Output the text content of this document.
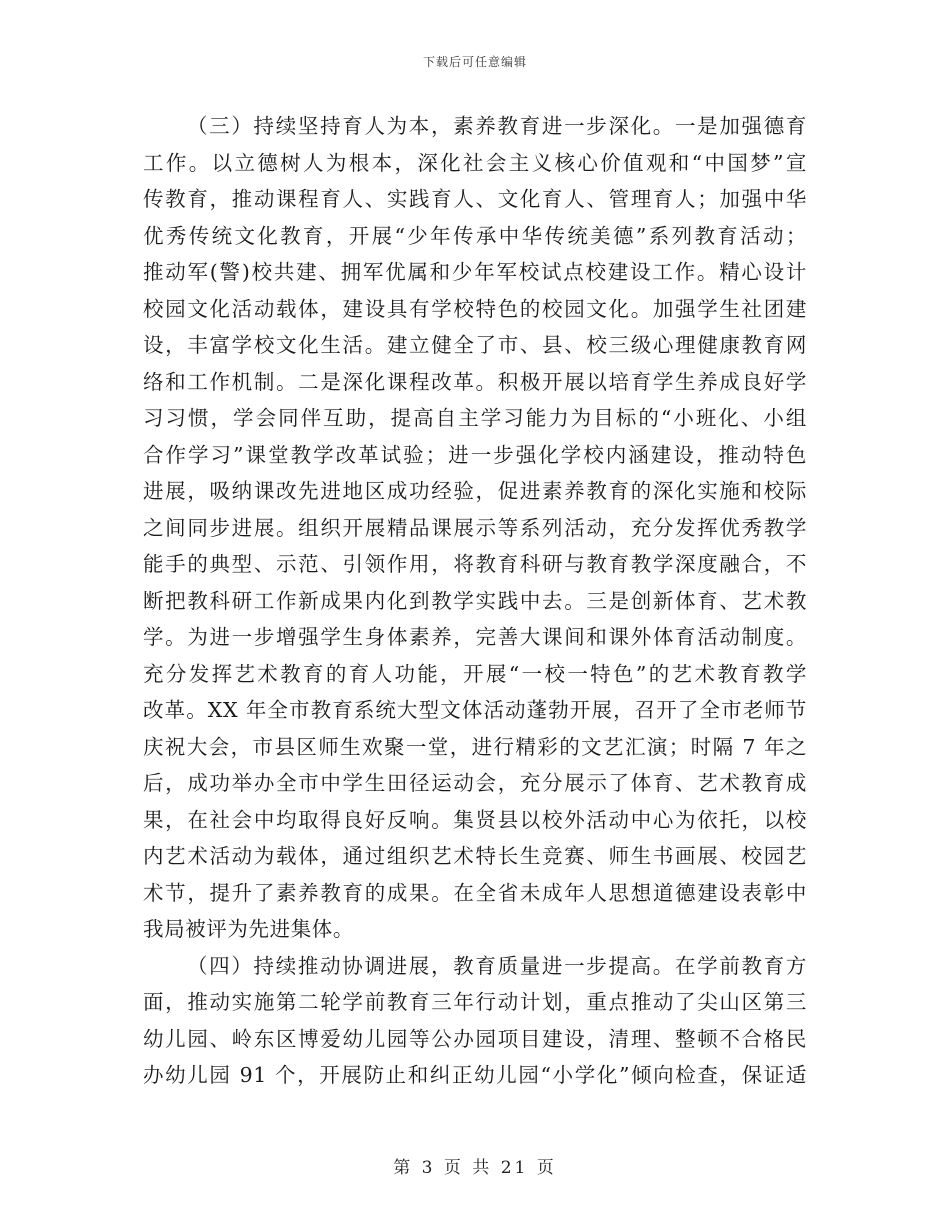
下载后可任意编辑
（三）持续坚持育人为本，素养教育进一步深化。一是加强德育
工作。以立德树人为根本，深化社会主义核心价值观和“中国梦”宣
传教育，推动课程育人、实践育人、文化育人、管理育人；加强中华
优秀传统文化教育，开展“少年传承中华传统美德”系列教育活动；
推动军(警)校共建、拥军优属和少年军校试点校建设工作。精心设计
校园文化活动载体，建设具有学校特色的校园文化。加强学生社团建
设，丰富学校文化生活。建立健全了市、县、校三级心理健康教育网
络和工作机制。二是深化课程改革。积极开展以培育学生养成良好学
习习惯，学会同伴互助，提高自主学习能力为目标的“小班化、小组
合作学习”课堂教学改革试验；进一步强化学校内涵建设，推动特色
进展，吸纳课改先进地区成功经验，促进素养教育的深化实施和校际
之间同步进展。组织开展精品课展示等系列活动，充分发挥优秀教学
能手的典型、示范、引领作用，将教育科研与教育教学深度融合，不
断把教科研工作新成果内化到教学实践中去。三是创新体育、艺术教
学。为进一步增强学生身体素养，完善大课间和课外体育活动制度。
充分发挥艺术教育的育人功能，开展“一校一特色”的艺术教育教学
改革。XX 年全市教育系统大型文体活动蓬勃开展，召开了全市老师节
庆祝大会，市县区师生欢聚一堂，进行精彩的文艺汇演；时隔 7 年之
后，成功举办全市中学生田径运动会，充分展示了体育、艺术教育成
果，在社会中均取得良好反响。集贤县以校外活动中心为依托，以校
内艺术活动为载体，通过组织艺术特长生竞赛、师生书画展、校园艺
术节，提升了素养教育的成果。在全省未成年人思想道德建设表彰中
我局被评为先进集体。
（四）持续推动协调进展，教育质量进一步提高。在学前教育方
面，推动实施第二轮学前教育三年行动计划，重点推动了尖山区第三
幼儿园、岭东区博爱幼儿园等公办园项目建设，清理、整顿不合格民
办幼儿园 91 个，开展防止和纠正幼儿园“小学化”倾向检查，保证适
第 3 页 共 21 页
